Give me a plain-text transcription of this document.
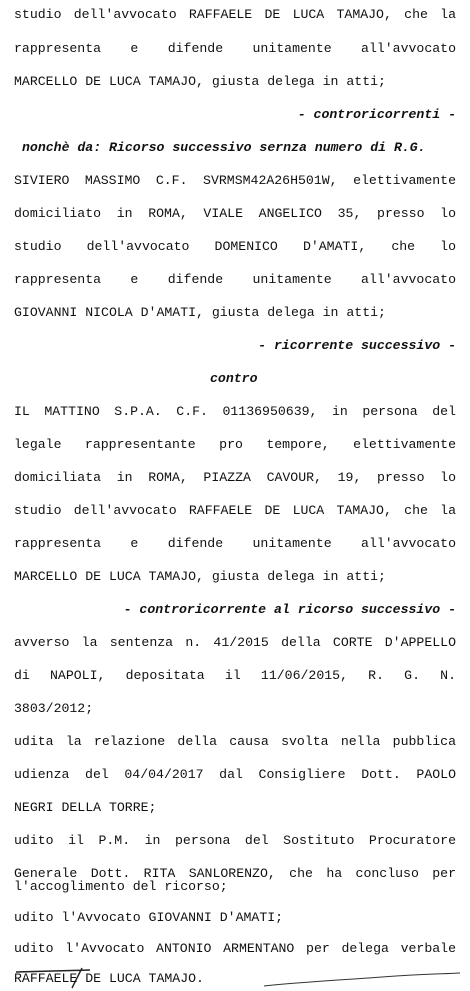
studio dell'avvocato RAFFAELE DE LUCA TAMAJO, che la
rappresenta e difende unitamente all'avvocato
MARCELLO DE LUCA TAMAJO, giusta delega in atti;
- controricorrenti -
nonchè da: Ricorso successivo sernza numero di R.G.
SIVIERO MASSIMO C.F. SVRMSM42A26H501W, elettivamente
domiciliato in ROMA, VIALE ANGELICO 35, presso lo
studio dell'avvocato DOMENICO D'AMATI, che lo
rappresenta e difende unitamente all'avvocato
GIOVANNI NICOLA D'AMATI, giusta delega in atti;
- ricorrente successivo -
contro
IL MATTINO S.P.A. C.F. 01136950639, in persona del
legale rappresentante pro tempore, elettivamente
domiciliata in ROMA, PIAZZA CAVOUR, 19, presso lo
studio dell'avvocato RAFFAELE DE LUCA TAMAJO, che la
rappresenta e difende unitamente all'avvocato
MARCELLO DE LUCA TAMAJO, giusta delega in atti;
- controricorrente al ricorso successivo -
avverso la sentenza n. 41/2015 della CORTE D'APPELLO
di NAPOLI, depositata il 11/06/2015, R. G. N.
3803/2012;
udita la relazione della causa svolta nella pubblica
udienza del 04/04/2017 dal Consigliere Dott. PAOLO
NEGRI DELLA TORRE;
udito il P.M. in persona del Sostituto Procuratore
Generale Dott. RITA SANLORENZO, che ha concluso per
l'accoglimento del ricorso;
udito l'Avvocato GIOVANNI D'AMATI;
udito l'Avvocato ANTONIO ARMENTANO per delega verbale
RAFFAELE DE LUCA TAMAJO.
